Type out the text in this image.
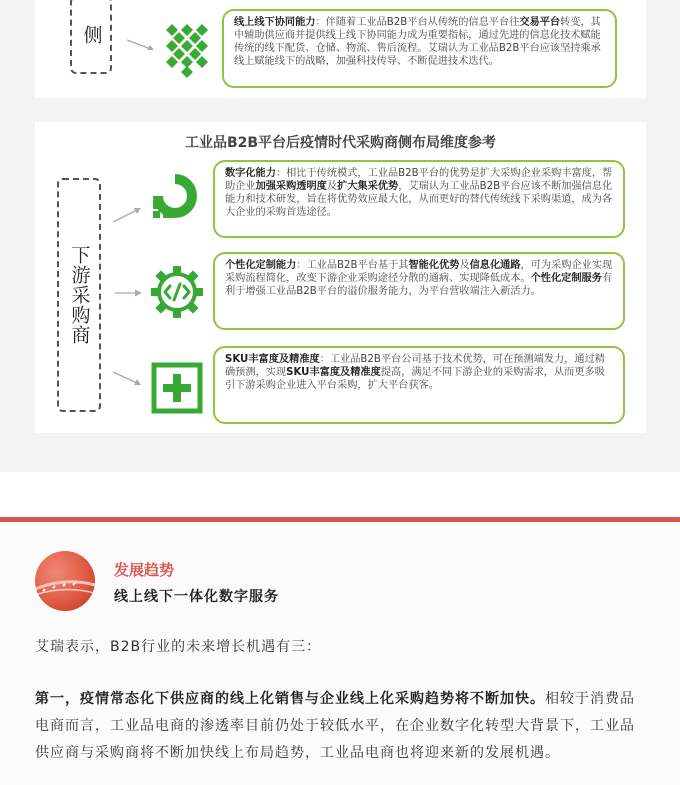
侧
线上线下协同能力：伴随着工业品B2B平台从传统的信息平台往交易平台转变，其中辅助供应商并提供线上线下协同能力成为重要指标，通过先进的信息化技术赋能传统的线下配货、仓储、物流、售后流程。艾瑞认为工业品B2B平台应该坚持乘承线上赋能线下的战略，加强科技传导、不断促进技术迭代。
工业品B2B平台后疫情时代采购商侧布局维度参考
下游采购商
数字化能力：相比于传统模式，工业品B2B平台的优势是扩大采购企业采购丰富度，帮助企业加强采购透明度及扩大集采优势，艾瑞认为工业品B2B平台应该不断加强信息化能力和技术研发，旨在将优势效应最大化，从而更好的替代传统线下采购渠道，成为各大企业的采购首选途径。
个性化定制能力：工业品B2B平台基于其智能化优势及信息化通路，可为采购企业实现采购流程简化，改变下游企业采购途径分散的通病、实现降低成本。个性化定制服务有利于增强工业品B2B平台的溢价服务能力，为平台营收端注入新活力。
SKU丰富度及精准度：工业品B2B平台公司基于技术优势，可在预测端发力，通过精确预测，实现SKU丰富度及精准度提高，满足不同下游企业的采购需求，从而更多吸引下游采购企业进入平台采购，扩大平台获客。
发展趋势
线上线下一体化数字服务
艾瑞表示，B2B行业的未来增长机遇有三：
第一，疫情常态化下供应商的线上化销售与企业线上化采购趋势将不断加快。相较于消费品电商而言，工业品电商的渗透率目前仍处于较低水平，在企业数字化转型大背景下，工业品供应商与采购商将不断加快线上布局趋势，工业品电商也将迎来新的发展机遇。
